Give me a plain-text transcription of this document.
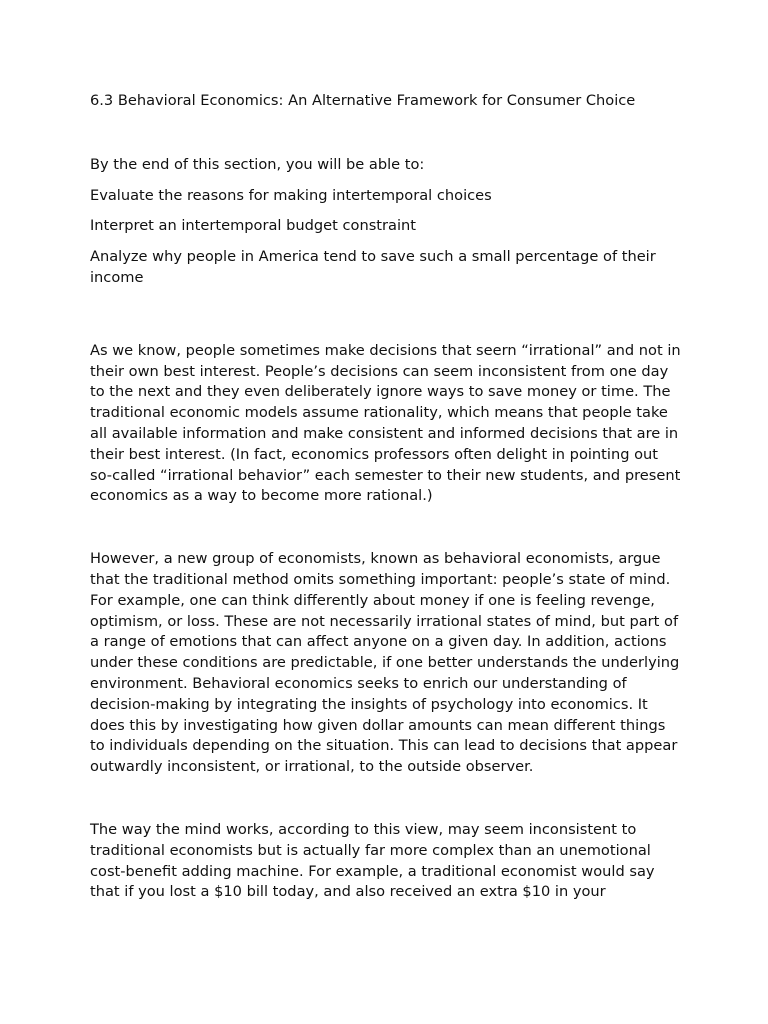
6.3 Behavioral Economics: An Alternative Framework for Consumer Choice

By the end of this section, you will be able to:

Evaluate the reasons for making intertemporal choices
Interpret an intertemporal budget constraint
Analyze why people in America tend to save such a small percentage of their income

As we know, people sometimes make decisions that seern “irrational” and not in their own best interest. People’s decisions can seem inconsistent from one day to the next and they even deliberately ignore ways to save money or time. The traditional economic models assume rationality, which means that people take all available information and make consistent and informed decisions that are in their best interest. (In fact, economics professors often delight in pointing out so-called “irrational behavior” each semester to their new students, and present economics as a way to become more rational.)

However, a new group of economists, known as behavioral economists, argue that the traditional method omits something important: people’s state of mind. For example, one can think differently about money if one is feeling revenge, optimism, or loss. These are not necessarily irrational states of mind, but part of a range of emotions that can affect anyone on a given day. In addition, actions under these conditions are predictable, if one better understands the underlying environment. Behavioral economics seeks to enrich our understanding of decision-making by integrating the insights of psychology into economics. It does this by investigating how given dollar amounts can mean different things to individuals depending on the situation. This can lead to decisions that appear outwardly inconsistent, or irrational, to the outside observer.

The way the mind works, according to this view, may seem inconsistent to traditional economists but is actually far more complex than an unemotional cost-benefit adding machine. For example, a traditional economist would say that if you lost a $10 bill today, and also received an extra $10 in your
